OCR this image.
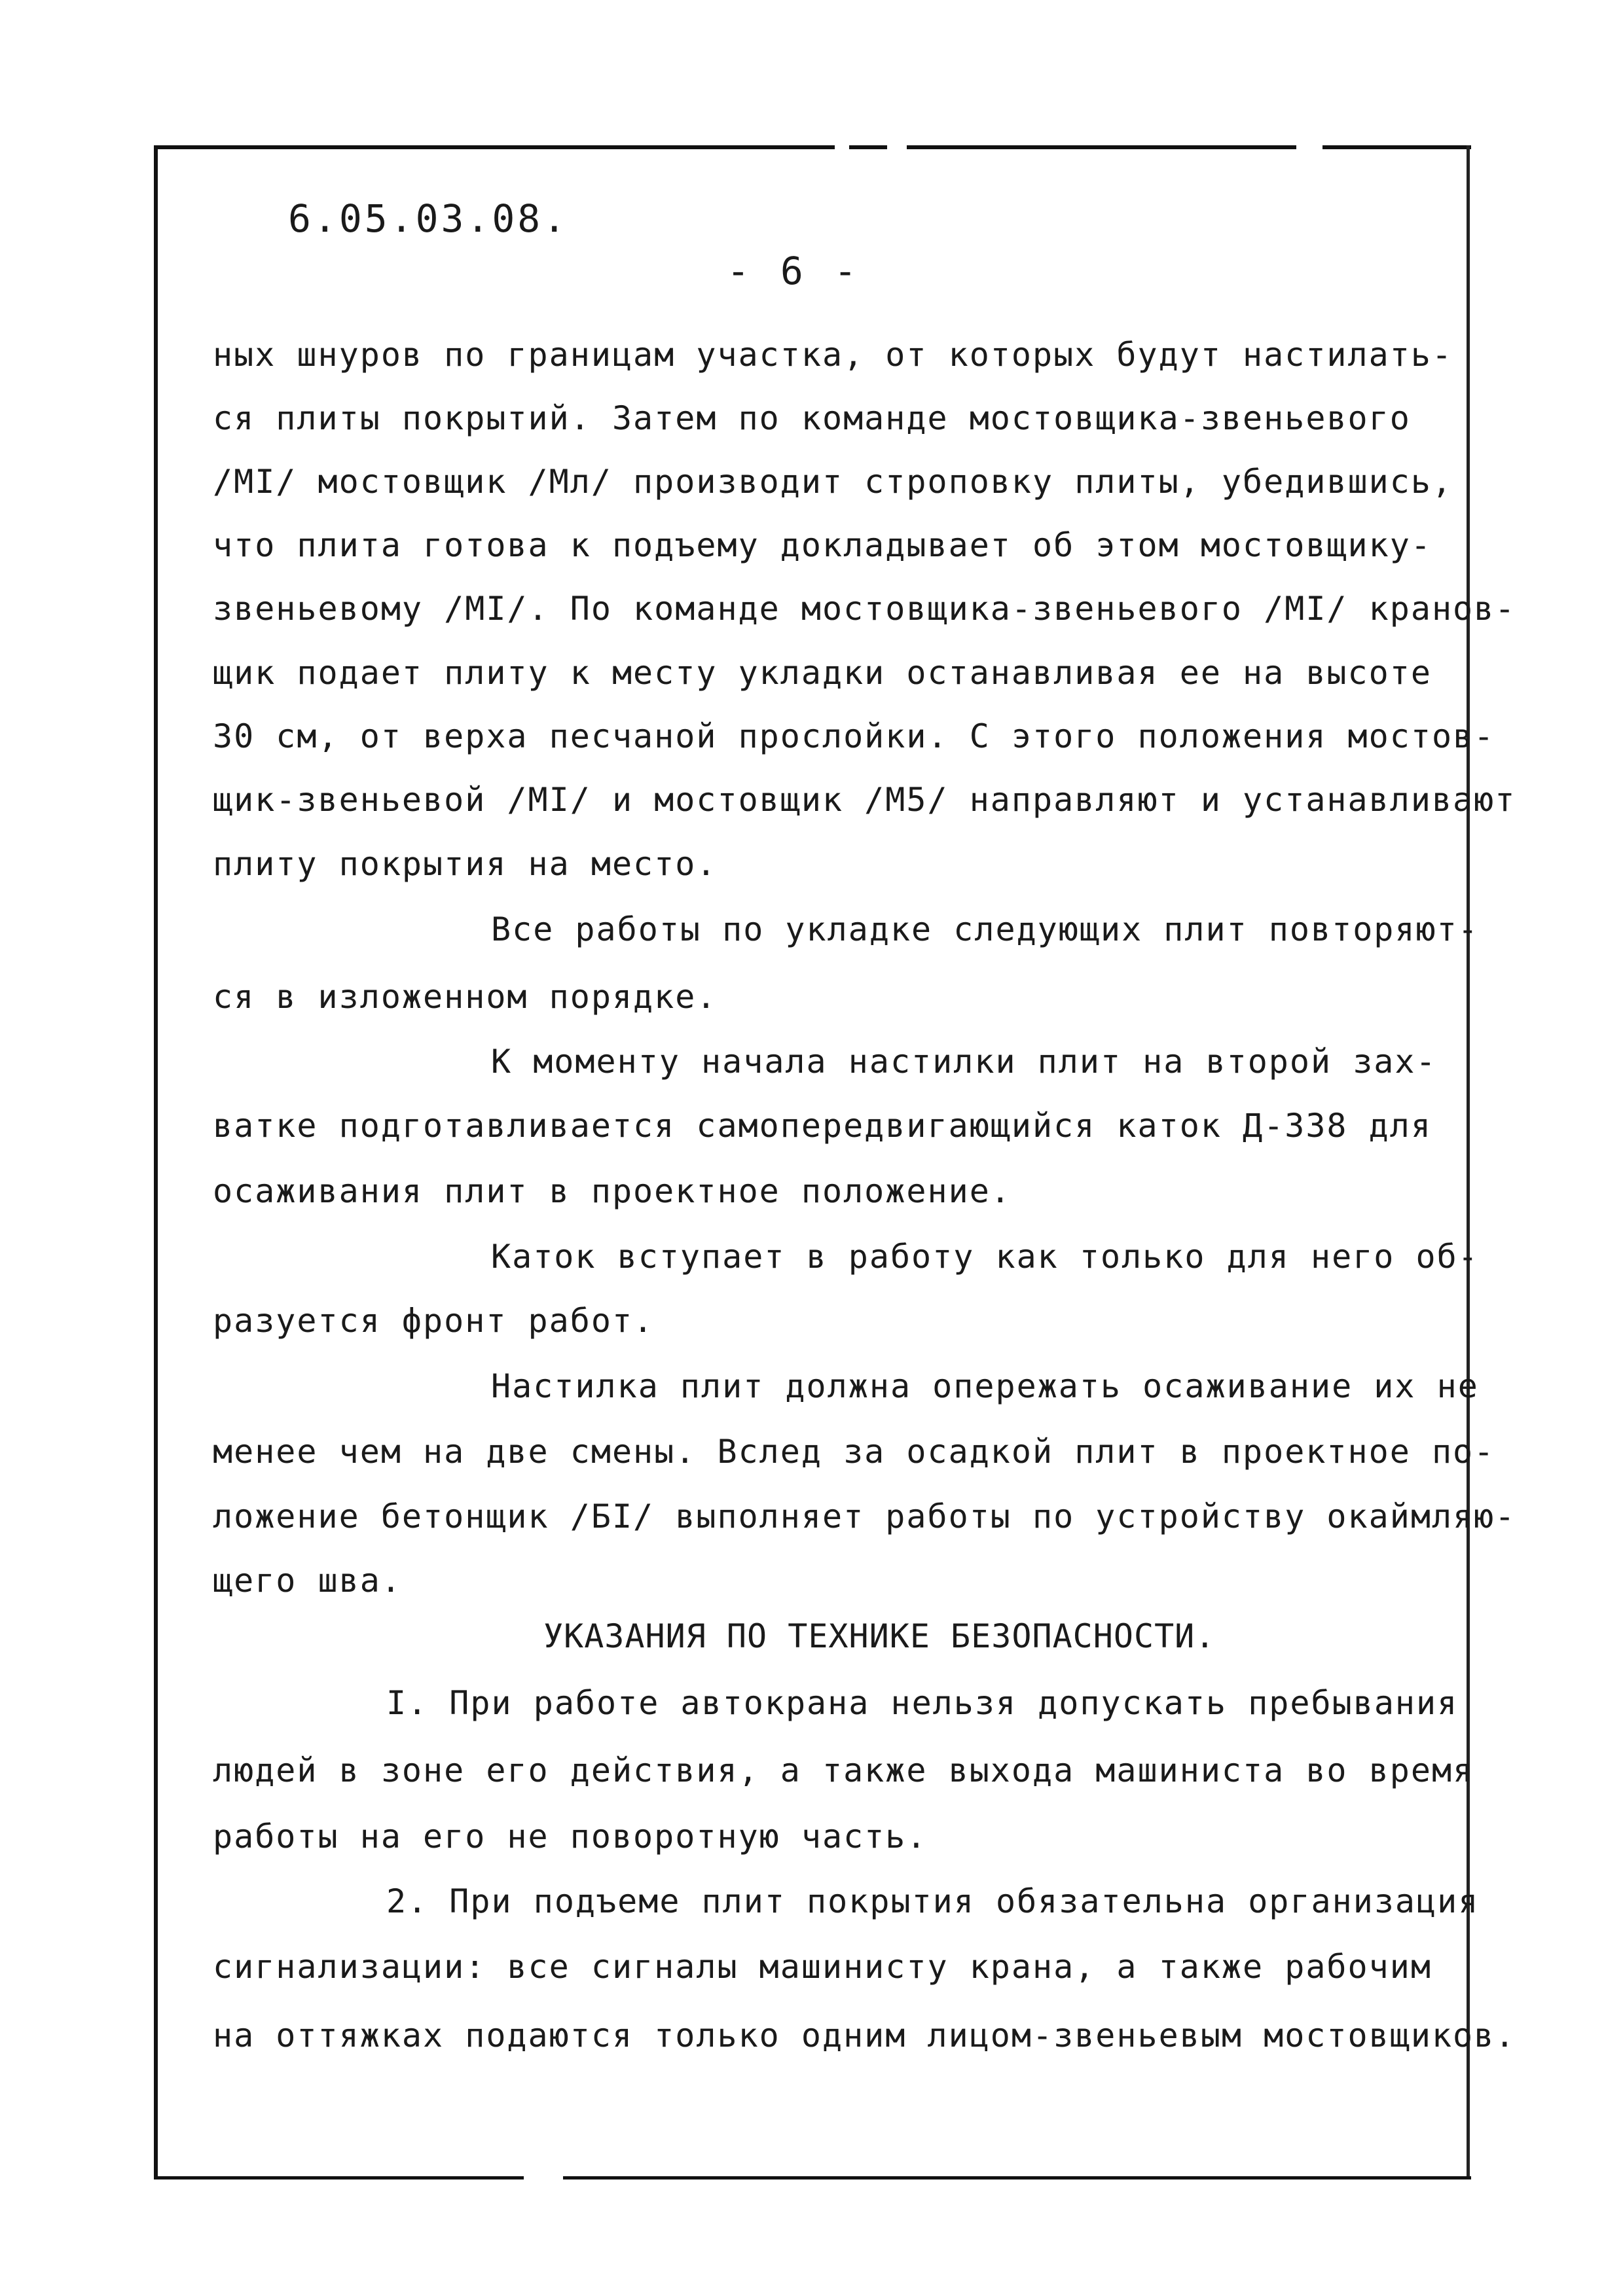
6.05.03.08.
- 6 -
ных шнуров по границам участка, от которых будут настилать-
ся плиты покрытий. Затем по команде мостовщика-звеньевого
/МI/ мостовщик /Мл/ производит строповку плиты, убедившись,
что плита готова к подъему докладывает об этом мостовщику-
звеньевому /МI/. По команде мостовщика-звеньевого /МI/ кранов-
щик подает плиту к месту укладки останавливая ее на высоте
30 см, от верха песчаной прослойки. С этого положения мостов-
щик-звеньевой /МI/ и мостовщик /М5/ направляют и устанавливают
плиту покрытия на место.
Все работы по укладке следующих плит повторяют-
ся в изложенном порядке.
К моменту начала настилки плит на второй зах-
ватке подготавливается самопередвигающийся каток Д-338 для
осаживания плит в проектное положение.
Каток вступает в работу как только для него об-
разуется фронт работ.
Настилка плит должна опережать осаживание их не
менее чем на две смены. Вслед за осадкой плит в проектное по-
ложение бетонщик /БI/ выполняет работы по устройству окаймляю-
щего шва.
УКАЗАНИЯ ПО ТЕХНИКЕ БЕЗОПАСНОСТИ.
I. При работе автокрана нельзя допускать пребывания
людей в зоне его действия, а также выхода машиниста во время
работы на его не поворотную часть.
2. При подъеме плит покрытия обязательна организация
сигнализации: все сигналы машинисту крана, а также рабочим
на оттяжках подаются только одним лицом-звеньевым мостовщиков.
